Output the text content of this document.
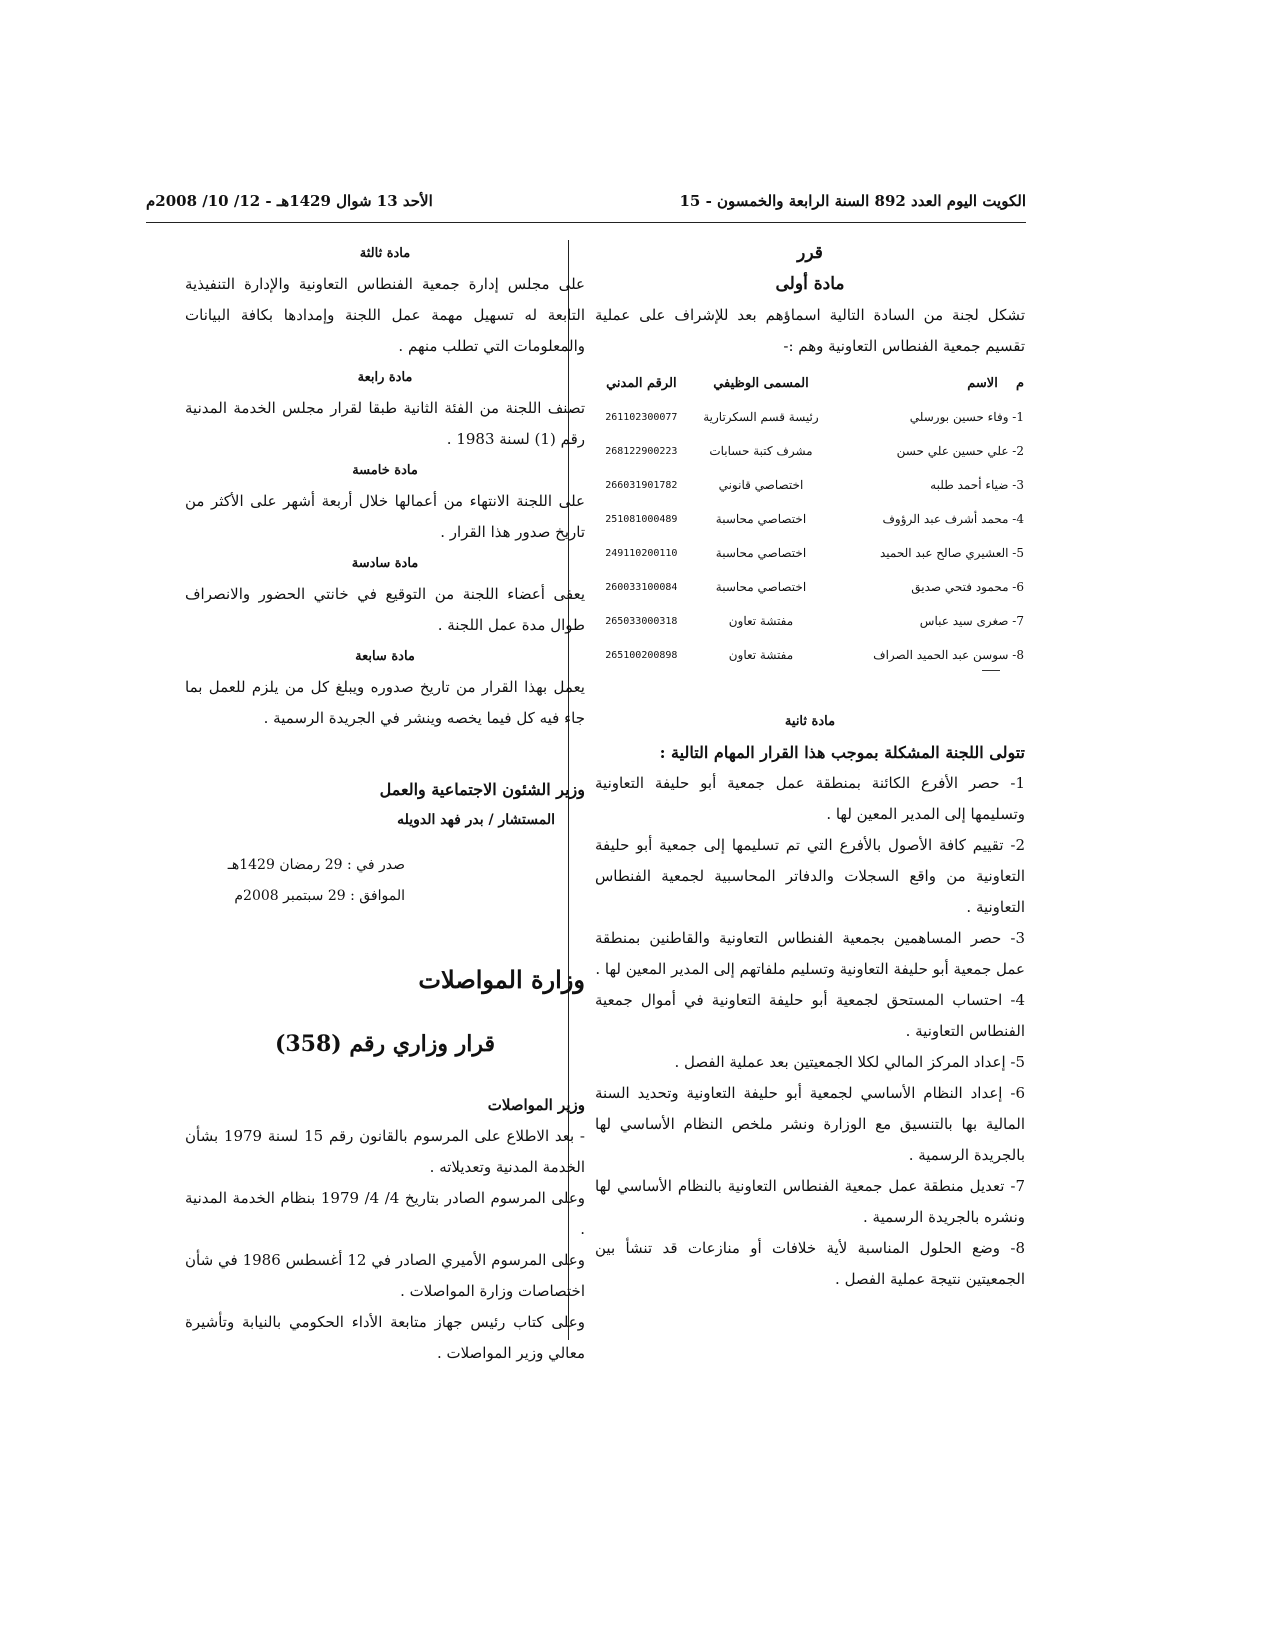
الكويت اليوم العدد 892 السنة الرابعة والخمسون - 15
الأحد 13 شوال 1429هـ - 12/ 10/ 2008م

قرر

مادة أولى

تشكل لجنة من السادة التالية اسماؤهم بعد للإشراف على عملية تقسيم جمعية الفنطاس التعاونية وهم :-

م    الاسم	المسمى الوظيفي	الرقم المدني
1- وفاء حسين بورسلي	رئيسة قسم السكرتارية	261102300077
2- علي حسين علي حسن	مشرف كتبة حسابات	268122900223
3- ضياء أحمد طلبه	اختصاصي قانوني	266031901782
4- محمد أشرف عبد الرؤوف	اختصاصي محاسبة	251081000489
5- العشيري صالح عبد الحميد	اختصاصي محاسبة	249110200110
6- محمود فتحي صديق	اختصاصي محاسبة	260033100084
7- صغرى سيد عباس	مفتشة تعاون	265033000318
8- سوسن عبد الحميد الصراف	مفتشة تعاون	265100200898

مادة ثانية

تتولى اللجنة المشكلة بموجب هذا القرار المهام التالية :

1- حصر الأفرع الكائنة بمنطقة عمل جمعية أبو حليفة التعاونية وتسليمها إلى المدير المعين لها .

2- تقييم كافة الأصول بالأفرع التي تم تسليمها إلى جمعية أبو حليفة التعاونية من واقع السجلات والدفاتر المحاسبية لجمعية الفنطاس التعاونية .

3- حصر المساهمين بجمعية الفنطاس التعاونية والقاطنين بمنطقة عمل جمعية أبو حليفة التعاونية وتسليم ملفاتهم إلى المدير المعين لها .

4- احتساب المستحق لجمعية أبو حليفة التعاونية في أموال جمعية الفنطاس التعاونية .

5- إعداد المركز المالي لكلا الجمعيتين بعد عملية الفصل .

6- إعداد النظام الأساسي لجمعية أبو حليفة التعاونية وتحديد السنة المالية بها بالتنسيق مع الوزارة ونشر ملخص النظام الأساسي لها بالجريدة الرسمية .

7- تعديل منطقة عمل جمعية الفنطاس التعاونية بالنظام الأساسي لها ونشره بالجريدة الرسمية .

8- وضع الحلول المناسبة لأية خلافات أو منازعات قد تنشأ بين الجمعيتين نتيجة عملية الفصل .

مادة ثالثة

على مجلس إدارة جمعية الفنطاس التعاونية والإدارة التنفيذية التابعة له تسهيل مهمة عمل اللجنة وإمدادها بكافة البيانات والمعلومات التي تطلب منهم .

مادة رابعة

تصنف اللجنة من الفئة الثانية طبقا لقرار مجلس الخدمة المدنية رقم (1) لسنة 1983 .

مادة خامسة

على اللجنة الانتهاء من أعمالها خلال أربعة أشهر على الأكثر من تاريخ صدور هذا القرار .

مادة سادسة

يعفى أعضاء اللجنة من التوقيع في خانتي الحضور والانصراف طوال مدة عمل اللجنة .

مادة سابعة

يعمل بهذا القرار من تاريخ صدوره ويبلغ كل من يلزم للعمل بما جاء فيه كل فيما يخصه وينشر في الجريدة الرسمية .

وزير الشئون الاجتماعية والعمل

المستشار / بدر فهد الدويله

صدر في : 29 رمضان 1429هـ

الموافق : 29 سبتمبر 2008م

وزارة المواصلات

قرار وزاري رقم (358)

وزير المواصلات

- بعد الاطلاع على المرسوم بالقانون رقم 15 لسنة 1979 بشأن الخدمة المدنية وتعديلاته .

وعلى المرسوم الصادر بتاريخ 4/ 4/ 1979 بنظام الخدمة المدنية .

وعلى المرسوم الأميري الصادر في 12 أغسطس 1986 في شأن اختصاصات وزارة المواصلات .

وعلى كتاب رئيس جهاز متابعة الأداء الحكومي بالنيابة وتأشيرة معالي وزير المواصلات .
